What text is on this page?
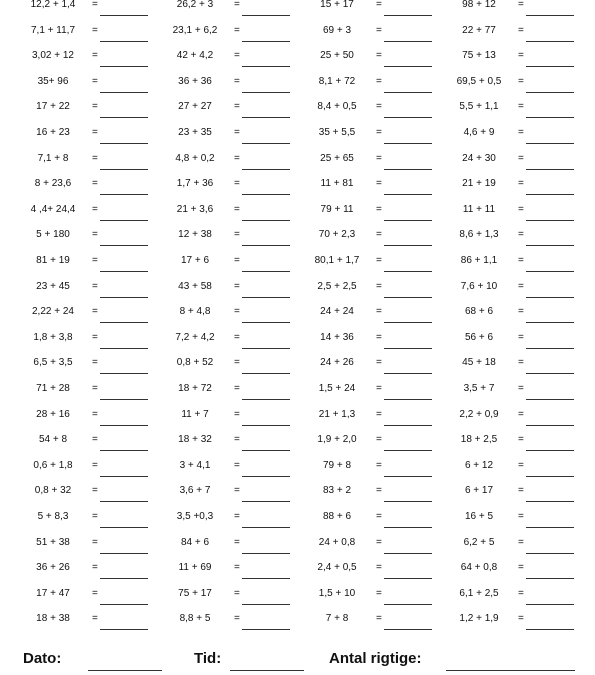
12,2 + 1,4	=	26,2 + 3	=	15 + 17	=	98 + 12	=
7,1 + 11,7	=	23,1 + 6,2	=	69 + 3	=	22 + 77	=
3,02 + 12	=	42 + 4,2	=	25 + 50	=	75 + 13	=
35+ 96	=	36 + 36	=	8,1 + 72	=	69,5 + 0,5	=
17 + 22	=	27 + 27	=	8,4 + 0,5	=	5,5 + 1,1	=
16 + 23	=	23 + 35	=	35 + 5,5	=	4,6 + 9	=
7,1 + 8	=	4,8 + 0,2	=	25 + 65	=	24 + 30	=
8 + 23,6	=	1,7 + 36	=	11 + 81	=	21 + 19	=
4 ,4+ 24,4	=	21 + 3,6	=	79 + 11	=	11 + 11	=
5 + 180	=	12 + 38	=	70 + 2,3	=	8,6 + 1,3	=
81 + 19	=	17 + 6	=	80,1 + 1,7	=	86 + 1,1	=
23 + 45	=	43 + 58	=	2,5 + 2,5	=	7,6 + 10	=
2,22 + 24	=	8 + 4,8	=	24 + 24	=	68 + 6	=
1,8 + 3,8	=	7,2 + 4,2	=	14 + 36	=	56 + 6	=
6,5 + 3,5	=	0,8 + 52	=	24 + 26	=	45 + 18	=
71 + 28	=	18 + 72	=	1,5 + 24	=	3,5 + 7	=
28 + 16	=	11 + 7	=	21 + 1,3	=	2,2 + 0,9	=
54 + 8	=	18 + 32	=	1,9 + 2,0	=	18 + 2,5	=
0,6 + 1,8	=	3 + 4,1	=	79 + 8	=	6 + 12	=
0,8 + 32	=	3,6 + 7	=	83 + 2	=	6 + 17	=
5 + 8,3	=	3,5 +0,3	=	88 + 6	=	16 + 5	=
51 + 38	=	84 + 6	=	24 + 0,8	=	6,2 + 5	=
36 + 26	=	11 + 69	=	2,4 + 0,5	=	64 + 0,8	=
17 + 47	=	75 + 17	=	1,5 + 10	=	6,1 + 2,5	=
18 + 38	=	8,8 + 5	=	7 + 8	=	1,2 + 1,9	=
Dato:	Tid:	Antal rigtige:
